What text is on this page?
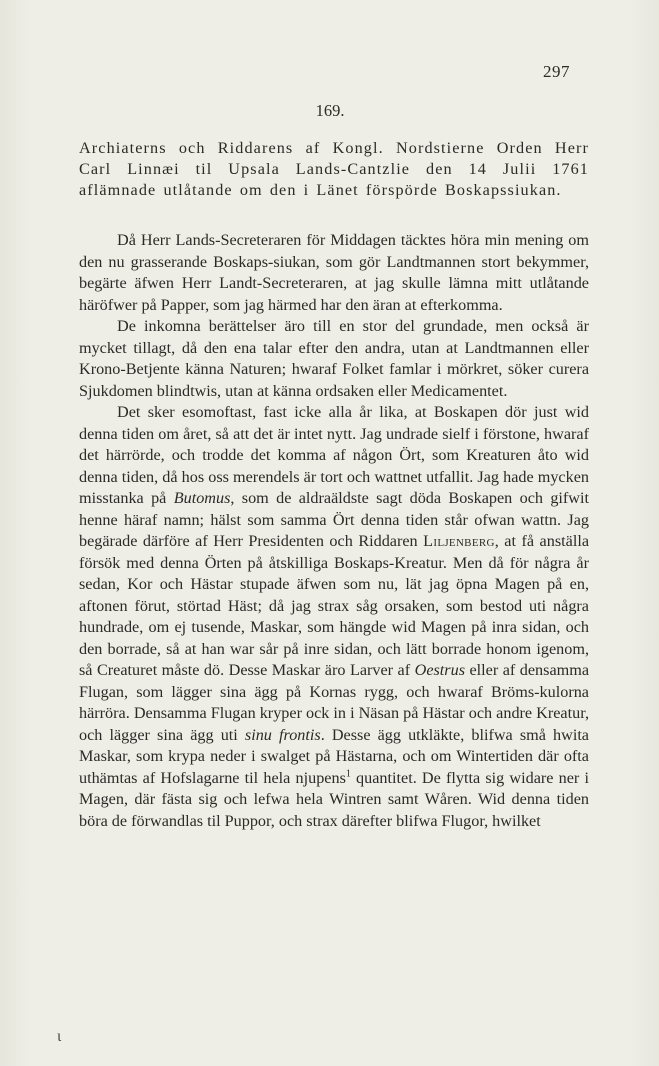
297
169.

Archiaterns och Riddarens af Kongl. Nordstierne Orden Herr Carl Linnæi til Upsala Lands-Cantzlie den 14 Julii 1761 aflämnade utlåtande om den i Länet förspörde Boskapssiukan.

Då Herr Lands-Secreteraren för Middagen täcktes höra min mening om den nu grasserande Boskaps-siukan, som gör Landtmannen stort bekymmer, begärte äfwen Herr Landt-Secreteraren, at jag skulle lämna mitt utlåtande häröfwer på Papper, som jag härmed har den äran at efterkomma.

De inkomna berättelser äro till en stor del grundade, men också är mycket tillagt, då den ena talar efter den andra, utan at Landtmannen eller Krono-Betjente känna Naturen; hwaraf Folket famlar i mörkret, söker curera Sjukdomen blindtwis, utan at känna ordsaken eller Medicamentet.

Det sker esomoftast, fast icke alla år lika, at Boskapen dör just wid denna tiden om året, så att det är intet nytt. Jag undrade sielf i förstone, hwaraf det härrörde, och trodde det komma af någon Ört, som Kreaturen åto wid denna tiden, då hos oss merendels är tort och wattnet utfallit. Jag hade mycken misstanka på Butomus, som de aldraäldste sagt döda Boskapen och gifwit henne häraf namn; hälst som samma Ört denna tiden står ofwan wattn. Jag begärade därföre af Herr Presidenten och Riddaren Liljenberg, at få anställa försök med denna Örten på åtskilliga Boskaps-Kreatur. Men då för några år sedan, Kor och Hästar stupade äfwen som nu, lät jag öpna Magen på en, aftonen förut, störtad Häst; då jag strax såg orsaken, som bestod uti några hundrade, om ej tusende, Maskar, som hängde wid Magen på inra sidan, och den borrade, så at han war sår på inre sidan, och lätt borrade honom igenom, så Creaturet måste dö. Desse Maskar äro Larver af Oestrus eller af densamma Flugan, som lägger sina ägg på Kornas rygg, och hwaraf Bröms-kulorna härröra. Densamma Flugan kryper ock in i Näsan på Hästar och andre Kreatur, och lägger sina ägg uti sinu frontis. Desse ägg utkläkte, blifwa små hwita Maskar, som krypa neder i swalget på Hästarna, och om Wintertiden där ofta uthämtas af Hofslagarne til hela njupens$^1$ quantitet. De flytta sig widare ner i Magen, där fästa sig och lefwa hela Wintren samt Wåren. Wid denna tiden böra de förwandlas til Puppor, och strax därefter blifwa Flugor, hwilket

ι
